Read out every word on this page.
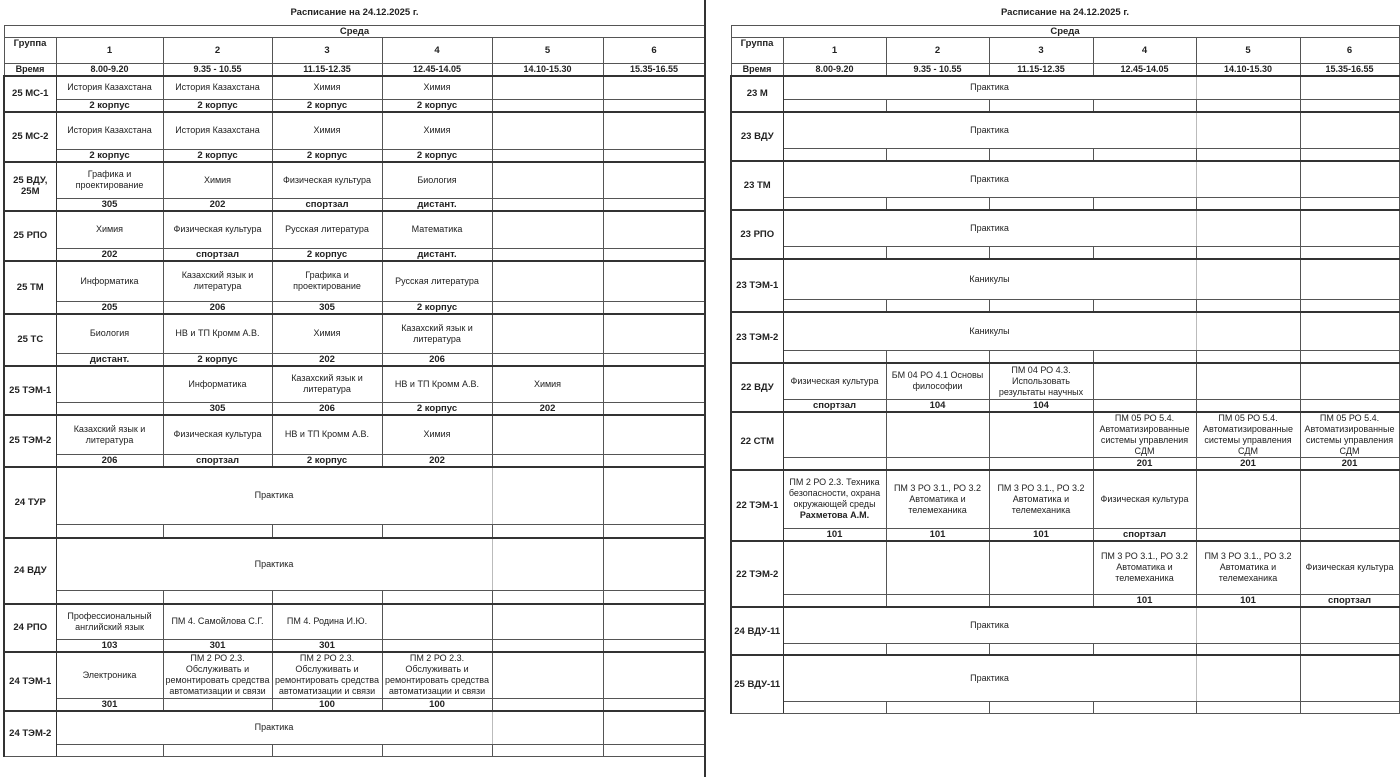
Расписание на 24.12.2025 г.						
Среда						
Группа	1	2	3	4	5	6
Время	8.00-9.20	9.35 - 10.55	11.15-12.35	12.45-14.05	14.10-15.30	15.35-16.55
25 МС-1	История Казахстана	История Казахстана	Химия	Химия		
	2 корпус	2 корпус	2 корпус	2 корпус		
25 МС-2	История Казахстана	История Казахстана	Химия	Химия		
	2 корпус	2 корпус	2 корпус	2 корпус		
25 ВДУ, 25М	Графика и проектирование	Химия	Физическая культура	Биология		
	305	202	спортзал	дистант.		
25 РПО	Химия	Физическая культура	Русская литература	Математика		
	202	спортзал	2 корпус	дистант.		
25 ТМ	Информатика	Казахский язык и литература	Графика и проектирование	Русская литература		
	205	206	305	2 корпус		
25 ТС	Биология	НВ и ТП Кромм А.В.	Химия	Казахский язык и литература		
	дистант.	2 корпус	202	206		
25 ТЭМ-1		Информатика	Казахский язык и литература	НВ и ТП Кромм А.В.	Химия	
		305	206	2 корпус	202	
25 ТЭМ-2	Казахский язык и литература	Физическая культура	НВ и ТП Кромм А.В.	Химия		
	206	спортзал	2 корпус	202		
24 ТУР	Практика					

24 ВДУ	Практика					

24 РПО	Профессиональный английский язык	ПМ 4. Самойлова С.Г.	ПМ 4. Родина И.Ю.			
	103	301	301			
24 ТЭМ-1	Электроника	ПМ 2 РО 2.3. Обслуживать и ремонтировать средства автоматизации и связи	ПМ 2 РО 2.3. Обслуживать и ремонтировать средства автоматизации и связи	ПМ 2 РО 2.3. Обслуживать и ремонтировать средства автоматизации и связи		
	301		100	100		
24 ТЭМ-2	Практика					

Расписание на 24.12.2025 г.						
Среда						
Группа	1	2	3	4	5	6
Время	8.00-9.20	9.35 - 10.55	11.15-12.35	12.45-14.05	14.10-15.30	15.35-16.55
23 М	Практика					

23 ВДУ	Практика					

23 ТМ	Практика					

23 РПО	Практика					

23 ТЭМ-1	Каникулы					

23 ТЭМ-2	Каникулы					

22 ВДУ	Физическая культура	БМ 04 РО 4.1 Основы философии	ПМ 04 РО 4.3. Использовать результаты научных			
	спортзал	104	104			
22 СТМ				ПМ 05 РО 5.4. Автоматизированные системы управления СДМ	ПМ 05 РО 5.4. Автоматизированные системы управления СДМ	ПМ 05 РО 5.4. Автоматизированные системы управления СДМ
				201	201	201
22 ТЭМ-1	ПМ 2 РО 2.3. Техника безопасности, охрана окружающей среды
Рахметова А.М.	ПМ 3 РО 3.1., РО 3.2 Автоматика и телемеханика	ПМ 3 РО 3.1., РО 3.2 Автоматика и телемеханика	Физическая культура		
	101	101	101	спортзал		
22 ТЭМ-2				ПМ 3 РО 3.1., РО 3.2 Автоматика и телемеханика	ПМ 3 РО 3.1., РО 3.2 Автоматика и телемеханика	Физическая культура
				101	101	спортзал
24 ВДУ-11	Практика					

25 ВДУ-11	Практика					
